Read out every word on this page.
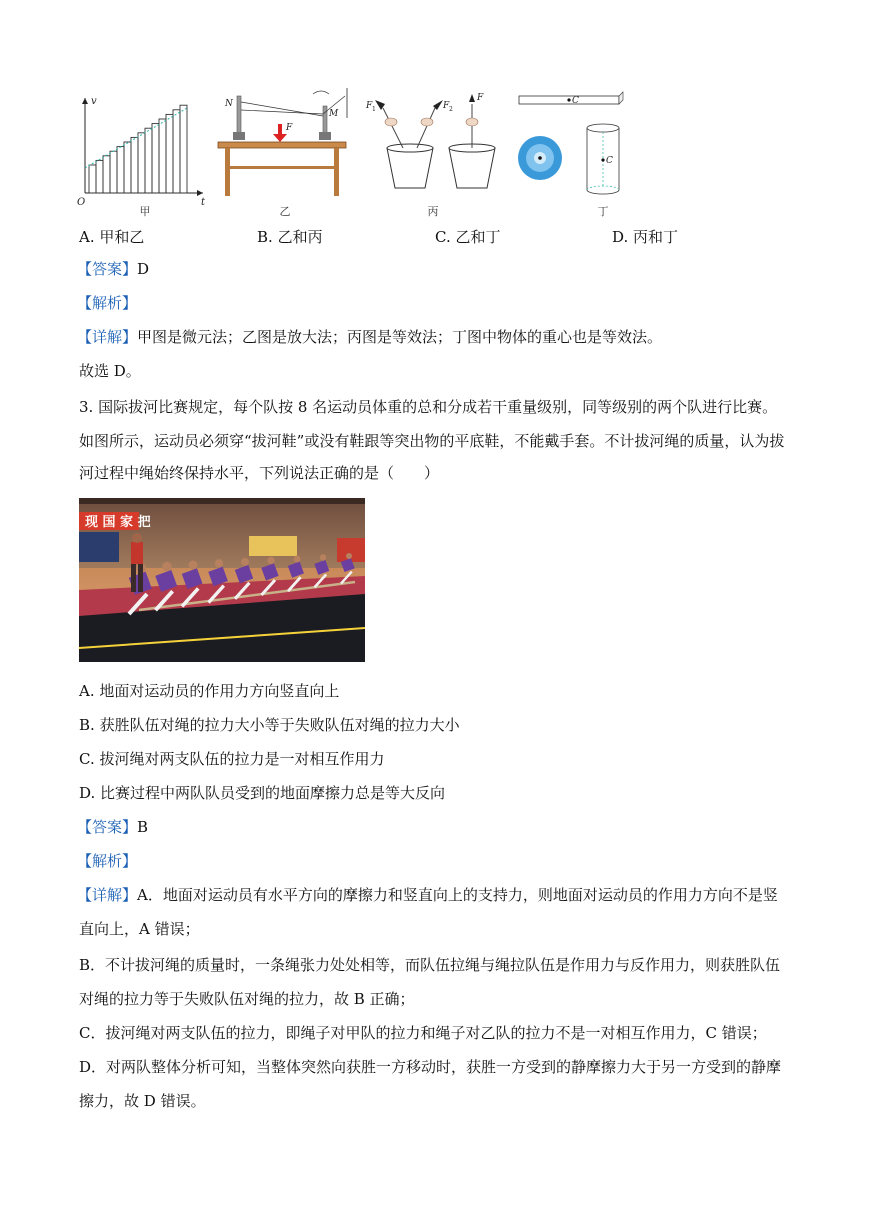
v
t
O
甲
N
M
F
乙
F 1	F 2
F
丙
C
C
丁
A. 甲和乙	B. 乙和丙	C. 乙和丁	D. 丙和丁
【答案】D
【解析】
【详解】甲图是微元法；乙图是放大法；丙图是等效法；丁图中物体的重心也是等效法。
故选 D。
3. 国际拔河比赛规定，每个队按 8 名运动员体重的总和分成若干重量级别，同等级别的两个队进行比赛。
如图所示，运动员必须穿“拔河鞋”或没有鞋跟等突出物的平底鞋，不能戴手套。不计拔河绳的质量，认为拔
河过程中绳始终保持水平，下列说法正确的是（　　）
现 国 家 把
A. 地面对运动员的作用力方向竖直向上
B. 获胜队伍对绳的拉力大小等于失败队伍对绳的拉力大小
C. 拔河绳对两支队伍的拉力是一对相互作用力
D. 比赛过程中两队队员受到的地面摩擦力总是等大反向
【答案】B
【解析】
【详解】A．地面对运动员有水平方向的摩擦力和竖直向上的支持力，则地面对运动员的作用力方向不是竖
直向上，A 错误；
B．不计拔河绳的质量时，一条绳张力处处相等，而队伍拉绳与绳拉队伍是作用力与反作用力，则获胜队伍
对绳的拉力等于失败队伍对绳的拉力，故 B 正确；
C．拔河绳对两支队伍的拉力，即绳子对甲队的拉力和绳子对乙队的拉力不是一对相互作用力，C 错误；
D．对两队整体分析可知，当整体突然向获胜一方移动时，获胜一方受到的静摩擦力大于另一方受到的静摩
擦力，故 D 错误。
